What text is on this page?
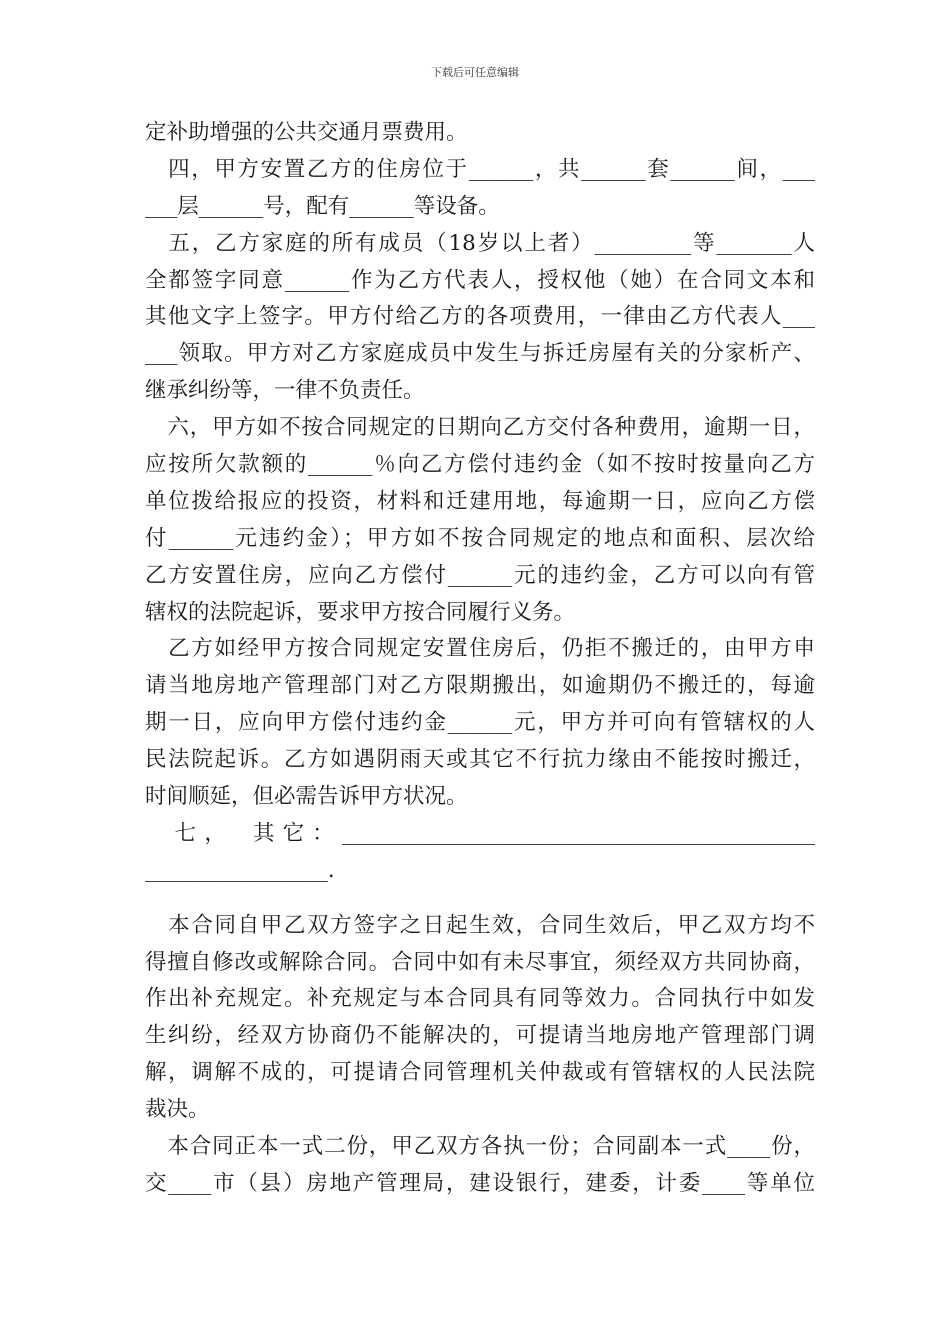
下载后可任意编辑
定补助增强的公共交通月票费用。
　四，甲方安置乙方的住房位于______，共______套______间，___
___层______号，配有______等设备。
　五，乙方家庭的所有成员（18岁以上者）_________等_______人
全都签字同意______作为乙方代表人，授权他（她）在合同文本和
其他文字上签字。甲方付给乙方的各项费用，一律由乙方代表人___
___领取。甲方对乙方家庭成员中发生与拆迁房屋有关的分家析产、
继承纠纷等，一律不负责任。
　六，甲方如不按合同规定的日期向乙方交付各种费用，逾期一日，
应按所欠款额的______％向乙方偿付违约金（如不按时按量向乙方
单位拨给报应的投资，材料和迁建用地，每逾期一日，应向乙方偿
付______元违约金）；甲方如不按合同规定的地点和面积、层次给
乙方安置住房，应向乙方偿付______元的违约金，乙方可以向有管
辖权的法院起诉，要求甲方按合同履行义务。
　乙方如经甲方按合同规定安置住房后，仍拒不搬迁的，由甲方申
请当地房地产管理部门对乙方限期搬出，如逾期仍不搬迁的，每逾
期一日，应向甲方偿付违约金______元，甲方并可向有管辖权的人
民法院起诉。乙方如遇阴雨天或其它不行抗力缘由不能按时搬迁，
时间顺延，但必需告诉甲方状况。
　七，　其它：____________________________________________
_________________.
　本合同自甲乙双方签字之日起生效，合同生效后，甲乙双方均不
得擅自修改或解除合同。合同中如有未尽事宜，须经双方共同协商，
作出补充规定。补充规定与本合同具有同等效力。合同执行中如发
生纠纷，经双方协商仍不能解决的，可提请当地房地产管理部门调
解，调解不成的，可提请合同管理机关仲裁或有管辖权的人民法院
裁决。
　本合同正本一式二份，甲乙双方各执一份；合同副本一式____份，
交____市（县）房地产管理局，建设银行，建委，计委____等单位
